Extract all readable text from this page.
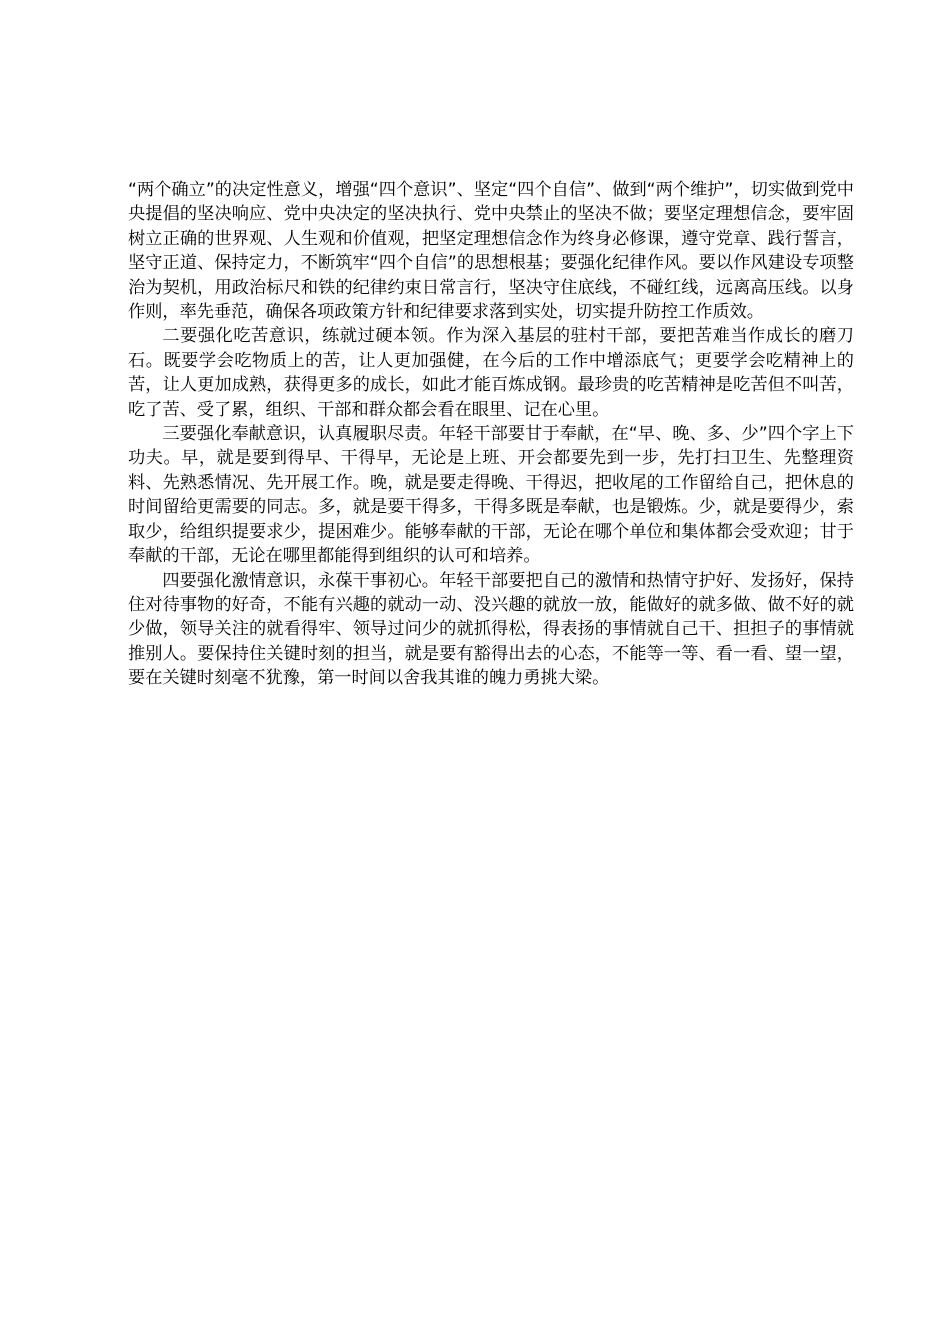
“两个确立”的决定性意义，增强“四个意识”、坚定“四个自信”、做到“两个维护”，切实做到党中央提倡的坚决响应、党中央决定的坚决执行、党中央禁止的坚决不做；要坚定理想信念，要牢固树立正确的世界观、人生观和价值观，把坚定理想信念作为终身必修课，遵守党章、践行誓言，坚守正道、保持定力，不断筑牢“四个自信”的思想根基；要强化纪律作风。要以作风建设专项整治为契机，用政治标尺和铁的纪律约束日常言行，坚决守住底线，不碰红线，远离高压线。以身作则，率先垂范，确保各项政策方针和纪律要求落到实处，切实提升防控工作质效。

二要强化吃苦意识，练就过硬本领。作为深入基层的驻村干部，要把苦难当作成长的磨刀石。既要学会吃物质上的苦，让人更加强健，在今后的工作中增添底气；更要学会吃精神上的苦，让人更加成熟，获得更多的成长，如此才能百炼成钢。最珍贵的吃苦精神是吃苦但不叫苦，吃了苦、受了累，组织、干部和群众都会看在眼里、记在心里。

三要强化奉献意识，认真履职尽责。年轻干部要甘于奉献，在“早、晚、多、少”四个字上下功夫。早，就是要到得早、干得早，无论是上班、开会都要先到一步，先打扫卫生、先整理资料、先熟悉情况、先开展工作。晚，就是要走得晚、干得迟，把收尾的工作留给自己，把休息的时间留给更需要的同志。多，就是要干得多，干得多既是奉献，也是锻炼。少，就是要得少，索取少，给组织提要求少，提困难少。能够奉献的干部，无论在哪个单位和集体都会受欢迎；甘于奉献的干部，无论在哪里都能得到组织的认可和培养。

四要强化激情意识，永葆干事初心。年轻干部要把自己的激情和热情守护好、发扬好，保持住对待事物的好奇，不能有兴趣的就动一动、没兴趣的就放一放，能做好的就多做、做不好的就少做，领导关注的就看得牢、领导过问少的就抓得松，得表扬的事情就自己干、担担子的事情就推别人。要保持住关键时刻的担当，就是要有豁得出去的心态，不能等一等、看一看、望一望，要在关键时刻毫不犹豫，第一时间以舍我其谁的魄力勇挑大梁。
